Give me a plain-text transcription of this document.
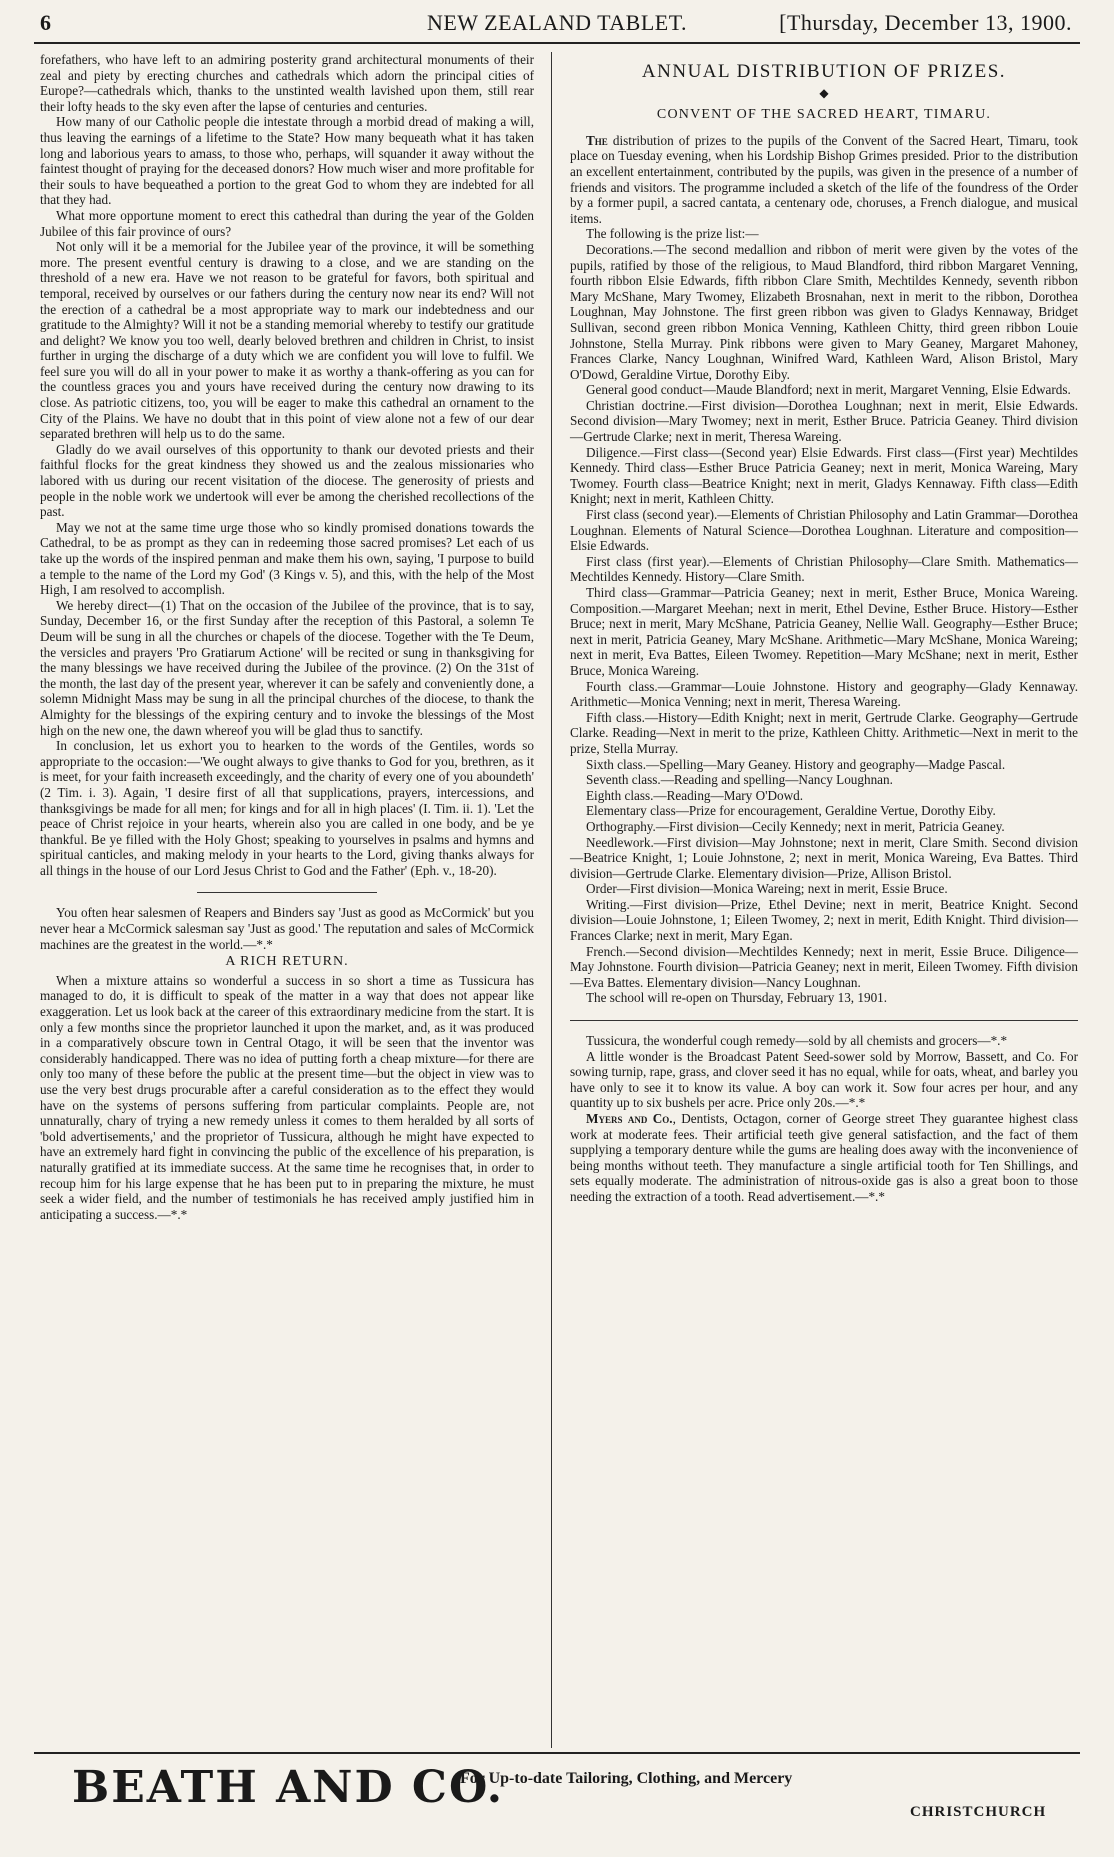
6	NEW ZEALAND TABLET.	[Thursday, December 13, 1900.

forefathers, who have left to an admiring posterity grand architectural monuments of their zeal and piety by erecting churches and cathedrals which adorn the principal cities of Europe?—cathedrals which, thanks to the unstinted wealth lavished upon them, still rear their lofty heads to the sky even after the lapse of centuries and centuries.

How many of our Catholic people die intestate through a morbid dread of making a will, thus leaving the earnings of a lifetime to the State? How many bequeath what it has taken long and laborious years to amass, to those who, perhaps, will squander it away without the faintest thought of praying for the deceased donors? How much wiser and more profitable for their souls to have bequeathed a portion to the great God to whom they are indebted for all that they had.

What more opportune moment to erect this cathedral than during the year of the Golden Jubilee of this fair province of ours?

Not only will it be a memorial for the Jubilee year of the province, it will be something more. The present eventful century is drawing to a close, and we are standing on the threshold of a new era. Have we not reason to be grateful for favors, both spiritual and temporal, received by ourselves or our fathers during the century now near its end? Will not the erection of a cathedral be a most appropriate way to mark our indebtedness and our gratitude to the Almighty? Will it not be a standing memorial whereby to testify our gratitude and delight? We know you too well, dearly beloved brethren and children in Christ, to insist further in urging the discharge of a duty which we are confident you will love to fulfil. We feel sure you will do all in your power to make it as worthy a thank-offering as you can for the countless graces you and yours have received during the century now drawing to its close. As patriotic citizens, too, you will be eager to make this cathedral an ornament to the City of the Plains. We have no doubt that in this point of view alone not a few of our dear separated brethren will help us to do the same.

Gladly do we avail ourselves of this opportunity to thank our devoted priests and their faithful flocks for the great kindness they showed us and the zealous missionaries who labored with us during our recent visitation of the diocese. The generosity of priests and people in the noble work we undertook will ever be among the cherished recollections of the past.

May we not at the same time urge those who so kindly promised donations towards the Cathedral, to be as prompt as they can in redeeming those sacred promises? Let each of us take up the words of the inspired penman and make them his own, saying, 'I purpose to build a temple to the name of the Lord my God' (3 Kings v. 5), and this, with the help of the Most High, I am resolved to accomplish.

We hereby direct—(1) That on the occasion of the Jubilee of the province, that is to say, Sunday, December 16, or the first Sunday after the reception of this Pastoral, a solemn Te Deum will be sung in all the churches or chapels of the diocese. Together with the Te Deum, the versicles and prayers 'Pro Gratiarum Actione' will be recited or sung in thanksgiving for the many blessings we have received during the Jubilee of the province. (2) On the 31st of the month, the last day of the present year, wherever it can be safely and conveniently done, a solemn Midnight Mass may be sung in all the principal churches of the diocese, to thank the Almighty for the blessings of the expiring century and to invoke the blessings of the Most high on the new one, the dawn whereof you will be glad thus to sanctify.

In conclusion, let us exhort you to hearken to the words of the Gentiles, words so appropriate to the occasion:—'We ought always to give thanks to God for you, brethren, as it is meet, for your faith increaseth exceedingly, and the charity of every one of you aboundeth' (2 Tim. i. 3). Again, 'I desire first of all that supplications, prayers, intercessions, and thanksgivings be made for all men; for kings and for all in high places' (I. Tim. ii. 1). 'Let the peace of Christ rejoice in your hearts, wherein also you are called in one body, and be ye thankful. Be ye filled with the Holy Ghost; speaking to yourselves in psalms and hymns and spiritual canticles, and making melody in your hearts to the Lord, giving thanks always for all things in the house of our Lord Jesus Christ to God and the Father' (Eph. v., 18-20).

You often hear salesmen of Reapers and Binders say 'Just as good as McCormick' but you never hear a McCormick salesman say 'Just as good.' The reputation and sales of McCormick machines are the greatest in the world.—*.*

A RICH RETURN.

When a mixture attains so wonderful a success in so short a time as Tussicura has managed to do, it is difficult to speak of the matter in a way that does not appear like exaggeration. Let us look back at the career of this extraordinary medicine from the start. It is only a few months since the proprietor launched it upon the market, and, as it was produced in a comparatively obscure town in Central Otago, it will be seen that the inventor was considerably handicapped. There was no idea of putting forth a cheap mixture—for there are only too many of these before the public at the present time—but the object in view was to use the very best drugs procurable after a careful consideration as to the effect they would have on the systems of persons suffering from particular complaints. People are, not unnaturally, chary of trying a new remedy unless it comes to them heralded by all sorts of 'bold advertisements,' and the proprietor of Tussicura, although he might have expected to have an extremely hard fight in convincing the public of the excellence of his preparation, is naturally gratified at its immediate success. At the same time he recognises that, in order to recoup him for his large expense that he has been put to in preparing the mixture, he must seek a wider field, and the number of testimonials he has received amply justified him in anticipating a success.—*.*

ANNUAL DISTRIBUTION OF PRIZES.
◆
CONVENT OF THE SACRED HEART, TIMARU.

The distribution of prizes to the pupils of the Convent of the Sacred Heart, Timaru, took place on Tuesday evening, when his Lordship Bishop Grimes presided. Prior to the distribution an excellent entertainment, contributed by the pupils, was given in the presence of a number of friends and visitors. The programme included a sketch of the life of the foundress of the Order by a former pupil, a sacred cantata, a centenary ode, choruses, a French dialogue, and musical items.

The following is the prize list:—

Decorations.—The second medallion and ribbon of merit were given by the votes of the pupils, ratified by those of the religious, to Maud Blandford, third ribbon Margaret Venning, fourth ribbon Elsie Edwards, fifth ribbon Clare Smith, Mechtildes Kennedy, seventh ribbon Mary McShane, Mary Twomey, Elizabeth Brosnahan, next in merit to the ribbon, Dorothea Loughnan, May Johnstone. The first green ribbon was given to Gladys Kennaway, Bridget Sullivan, second green ribbon Monica Venning, Kathleen Chitty, third green ribbon Louie Johnstone, Stella Murray. Pink ribbons were given to Mary Geaney, Margaret Mahoney, Frances Clarke, Nancy Loughnan, Winifred Ward, Kathleen Ward, Alison Bristol, Mary O'Dowd, Geraldine Virtue, Dorothy Eiby.

General good conduct—Maude Blandford; next in merit, Margaret Venning, Elsie Edwards.

Christian doctrine.—First division—Dorothea Loughnan; next in merit, Elsie Edwards. Second division—Mary Twomey; next in merit, Esther Bruce. Patricia Geaney. Third division—Gertrude Clarke; next in merit, Theresa Wareing.

Diligence.—First class—(Second year) Elsie Edwards. First class—(First year) Mechtildes Kennedy. Third class—Esther Bruce Patricia Geaney; next in merit, Monica Wareing, Mary Twomey. Fourth class—Beatrice Knight; next in merit, Gladys Kennaway. Fifth class—Edith Knight; next in merit, Kathleen Chitty.

First class (second year).—Elements of Christian Philosophy and Latin Grammar—Dorothea Loughnan. Elements of Natural Science—Dorothea Loughnan. Literature and composition—Elsie Edwards.

First class (first year).—Elements of Christian Philosophy—Clare Smith. Mathematics—Mechtildes Kennedy. History—Clare Smith.

Third class—Grammar—Patricia Geaney; next in merit, Esther Bruce, Monica Wareing. Composition.—Margaret Meehan; next in merit, Ethel Devine, Esther Bruce. History—Esther Bruce; next in merit, Mary McShane, Patricia Geaney, Nellie Wall. Geography—Esther Bruce; next in merit, Patricia Geaney, Mary McShane. Arithmetic—Mary McShane, Monica Wareing; next in merit, Eva Battes, Eileen Twomey. Repetition—Mary McShane; next in merit, Esther Bruce, Monica Wareing.

Fourth class.—Grammar—Louie Johnstone. History and geography—Glady Kennaway. Arithmetic—Monica Venning; next in merit, Theresa Wareing.

Fifth class.—History—Edith Knight; next in merit, Gertrude Clarke. Geography—Gertrude Clarke. Reading—Next in merit to the prize, Kathleen Chitty. Arithmetic—Next in merit to the prize, Stella Murray.

Sixth class.—Spelling—Mary Geaney. History and geography—Madge Pascal.

Seventh class.—Reading and spelling—Nancy Loughnan.

Eighth class.—Reading—Mary O'Dowd.

Elementary class—Prize for encouragement, Geraldine Vertue, Dorothy Eiby.

Orthography.—First division—Cecily Kennedy; next in merit, Patricia Geaney.

Needlework.—First division—May Johnstone; next in merit, Clare Smith. Second division—Beatrice Knight, 1; Louie Johnstone, 2; next in merit, Monica Wareing, Eva Battes. Third division—Gertrude Clarke. Elementary division—Prize, Allison Bristol.

Order—First division—Monica Wareing; next in merit, Essie Bruce.

Writing.—First division—Prize, Ethel Devine; next in merit, Beatrice Knight. Second division—Louie Johnstone, 1; Eileen Twomey, 2; next in merit, Edith Knight. Third division—Frances Clarke; next in merit, Mary Egan.

French.—Second division—Mechtildes Kennedy; next in merit, Essie Bruce. Diligence—May Johnstone. Fourth division—Patricia Geaney; next in merit, Eileen Twomey. Fifth division—Eva Battes. Elementary division—Nancy Loughnan.

The school will re-open on Thursday, February 13, 1901.

Tussicura, the wonderful cough remedy—sold by all chemists and grocers—*.*

A little wonder is the Broadcast Patent Seed-sower sold by Morrow, Bassett, and Co. For sowing turnip, rape, grass, and clover seed it has no equal, while for oats, wheat, and barley you have only to see it to know its value. A boy can work it. Sow four acres per hour, and any quantity up to six bushels per acre. Price only 20s.—*.*

Myers and Co., Dentists, Octagon, corner of George street They guarantee highest class work at moderate fees. Their artificial teeth give general satisfaction, and the fact of them supplying a temporary denture while the gums are healing does away with the inconvenience of being months without teeth. They manufacture a single artificial tooth for Ten Shillings, and sets equally moderate. The administration of nitrous-oxide gas is also a great boon to those needing the extraction of a tooth. Read advertisement.—*.*

BEATH AND CO.
For Up-to-date Tailoring, Clothing, and Mercery
CHRISTCHURCH
